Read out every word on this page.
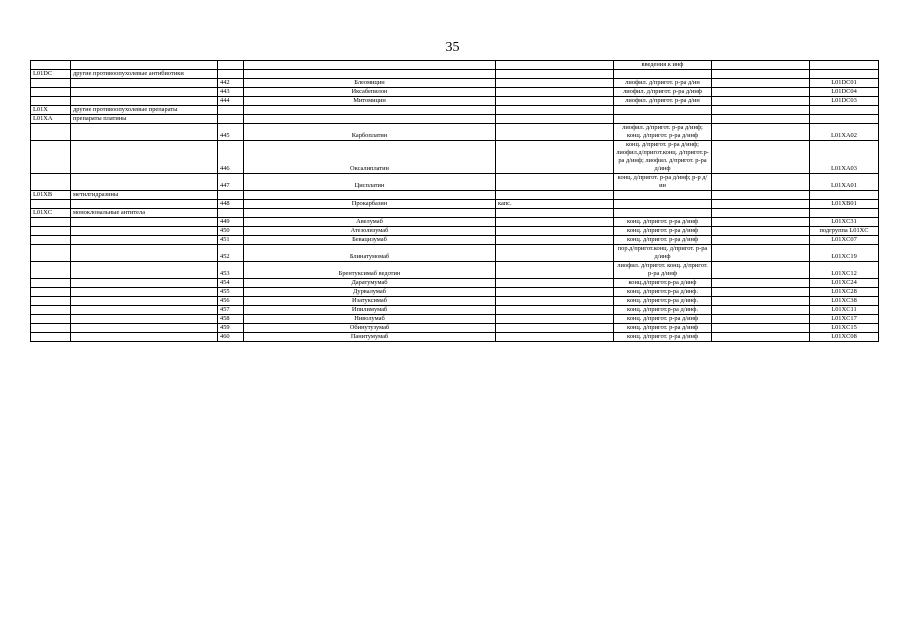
35
					введения к инф		
L01DC	другие противоопухолевые антибиотики						
		442	Блеомицин		лиофил. д/пригот. р-ра д/ин		L01DC01
		443	Иксабепилон		лиофил. д/пригот. р-ра д/инф		L01DC04
		444	Митомицин		лиофил. д/пригот. р-ра д/ин		L01DC03
L01X	другие противоопухолевые препараты						
L01XA	препараты платины						
		445	Карбоплатин		лиофил. д/пригот. р-ра д/инф; конц. д/пригот. р-ра д/инф		L01XA02
		446	Оксалиплатин		конц. д/пригот. р-ра д/инф; лиофил.д/пригот.конц. д/пригот.р-ра д/инф; лиофил. д/пригот. р-ра д/инф		L01XA03
		447	Цисплатин		конц. д/пригот. р-ра д/инф; р-р д/ин		L01XA01
L01XB	метилгидразины						
		448	Прокарбазин	капс.			L01XB01
L01XC	моноклональные антитела						
		449	Авелумаб		конц. д/пригот. р-ра д/инф		L01XC31
		450	Атезолизумаб		конц. д/пригот. р-ра д/инф		подгруппа L01XC
		451	Бевацизумаб		конц. д/пригот. р-ра д/инф		L01XC07
		452	Блинатумомаб		пор.д/пригот.конц. д/пригот. р-ра д/инф		L01XC19
		453	Брентуксимаб ведотин		лиофил. д/пригот. конц. д/пригот. р-ра д/инф		L01XC12
		454	Даратумумаб		конц.д/пригот.р-ра д/инф		L01XC24
		455	Дурвалумаб		конц. д/пригот.р-ра д/инф.		L01XC28
		456	Изатуксимаб		конц. д/пригот.р-ра д/инф.		L01XC38
		457	Ипилимумаб		конц. д/пригот.р-ра д/инф.		L01XC11
		458	Ниволумаб		конц. д/пригот. р-ра д/инф		L01XC17
		459	Обинутузумаб		конц. д/пригот. р-ра д/инф		L01XC15
		460	Панитумумаб		конц. д/пригот. р-ра д/инф		L01XC08
